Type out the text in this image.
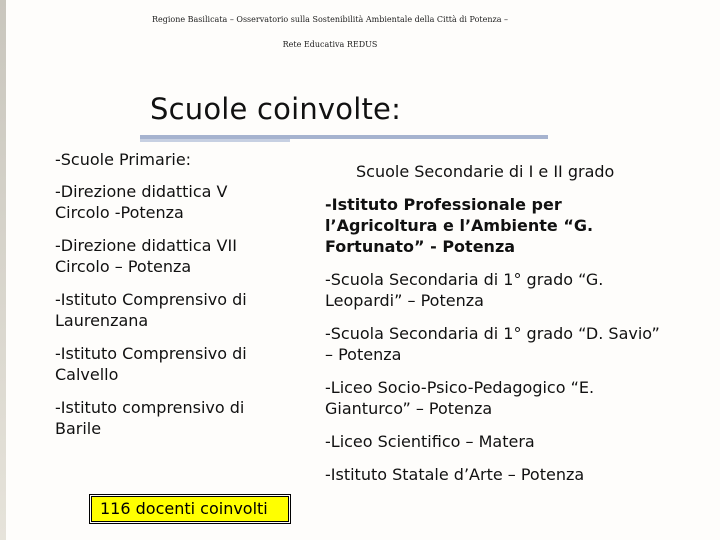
Regione Basilicata – Osservatorio sulla Sostenibilità Ambientale della Città di Potenza –
Rete Educativa REDUS
Scuole coinvolte:

-Scuole Primarie:

-Direzione didattica V Circolo -Potenza

-Direzione didattica VII Circolo – Potenza

-Istituto Comprensivo di Laurenzana

-Istituto Comprensivo di Calvello

-Istituto comprensivo di Barile

Scuole Secondarie di I e II grado

-Istituto Professionale per l’Agricoltura e l’Ambiente “G. Fortunato” - Potenza

-Scuola Secondaria di 1° grado “G. Leopardi” – Potenza

-Scuola Secondaria di 1° grado “D. Savio” – Potenza

-Liceo Socio-Psico-Pedagogico “E. Gianturco” – Potenza

-Liceo Scientifico – Matera

-Istituto Statale d’Arte – Potenza

116 docenti coinvolti
